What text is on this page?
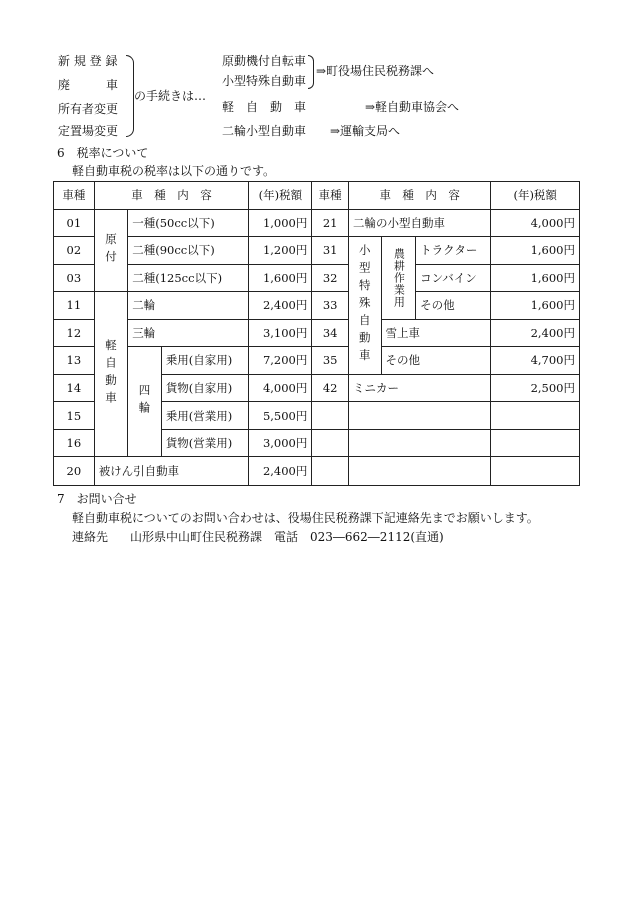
新 規 登 録
廃　　　車
所有者変更
定置場変更
の手続きは…
原動機付自転車
小型特殊自動車
⇒町役場住民税務課へ
軽　自　動　車	⇒軽自動車協会へ
二輪小型自動車 ⇒運輸支局へ
6　税率について
軽自動車税の税率は以下の通りです。
車種	車　種　内　容			(年)税額	車種	車　種　内　容			(年)税額
01	原付	一種(50cc以下)		1,000円	21	二輪の小型自動車			4,000円
02		二種(90cc以下)		1,200円	31	小型特殊自動車	農耕作業用	トラクター	1,600円
03		二種(125cc以下)		1,600円	32			コンバイン	1,600円
11	軽自動車	二輪		2,400円	33			その他	1,600円
12		三輪		3,100円	34		雪上車		2,400円
13		四輪	乗用(自家用)	7,200円	35		その他		4,700円
14			貨物(自家用)	4,000円	42	ミニカー			2,500円
15			乗用(営業用)	5,500円					
16			貨物(営業用)	3,000円					
20	被けん引自動車			2,400円					
7　お問い合せ
軽自動車税についてのお問い合わせは、役場住民税務課下記連絡先までお願いします。
連絡先 山形県中山町住民税務課　電話　023―662―2112(直通)
